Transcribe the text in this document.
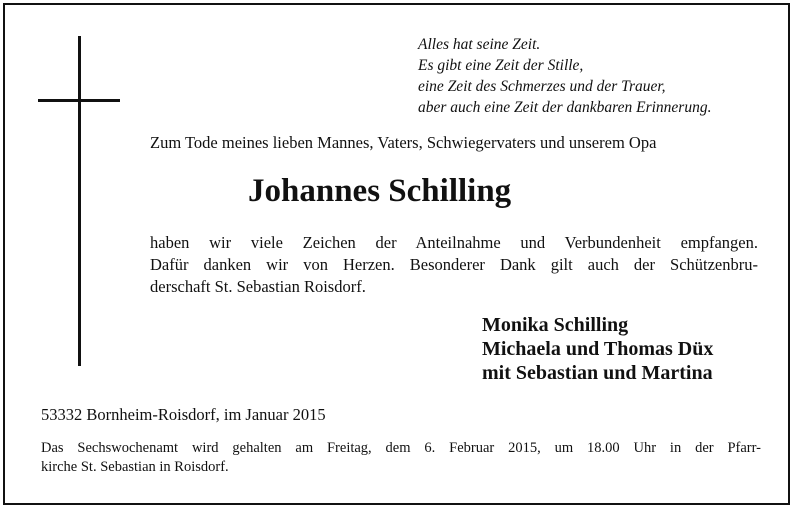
Alles hat seine Zeit.
Es gibt eine Zeit der Stille,
eine Zeit des Schmerzes und der Trauer,
aber auch eine Zeit der dankbaren Erinnerung.
Zum Tode meines lieben Mannes, Vaters, Schwiegervaters und unserem Opa
Johannes Schilling
haben wir viele Zeichen der Anteilnahme und Verbundenheit empfangen.
Dafür danken wir von Herzen. Besonderer Dank gilt auch der Schützenbru-
derschaft St. Sebastian Roisdorf.
Monika Schilling
Michaela und Thomas Düx
mit Sebastian und Martina
53332 Bornheim-Roisdorf, im Januar 2015
Das Sechswochenamt wird gehalten am Freitag, dem 6. Februar 2015, um 18.00 Uhr in der Pfarr-
kirche St. Sebastian in Roisdorf.
